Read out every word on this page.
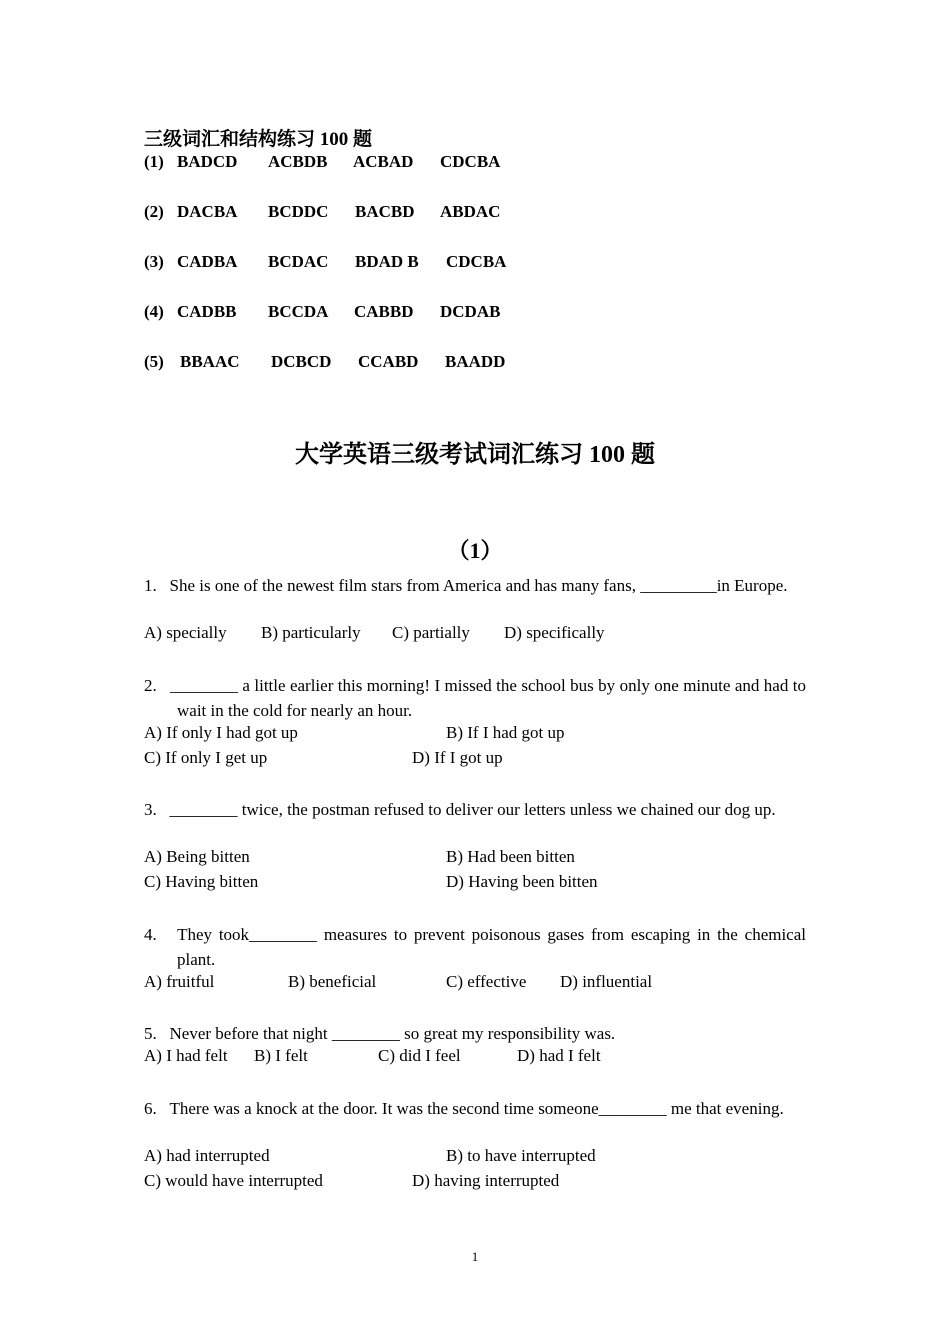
三级词汇和结构练习 100 题
(1) BADCD ACBDB ACBAD CDCBA
(2) DACBA BCDDC BACBD ABDAC
(3) CADBA BCDAC BDAD B CDCBA
(4) CADBB BCCDA CABBD DCDAB
(5) BBAAC DCBCD CCABD BAADD
大学英语三级考试词汇练习 100 题
（1）
1.   She is one of the newest film stars from America and has many fans, _________in Europe.
A) specially B) particularly C) partially D) specifically
2.   ________ a little earlier this morning! I missed the school bus by only one minute and had to wait in the cold for nearly an hour.
A) If only I had got up	B) If I had got up
C) If only I get up	D) If I got up
3.   ________ twice, the postman refused to deliver our letters unless we chained our dog up.
A) Being bitten	B) Had been bitten
C) Having bitten	D) Having been bitten
4.   They took________ measures to prevent poisonous gases from escaping in the chemical plant.
A) fruitful	B) beneficial	C) effective D) influential
5.   Never before that night ________ so great my responsibility was.
A) I had felt B) I felt	C) did I feel	D) had I felt
6.   There was a knock at the door. It was the second time someone________ me that evening.
A) had interrupted	B) to have interrupted
C) would have interrupted	D) having interrupted
1
